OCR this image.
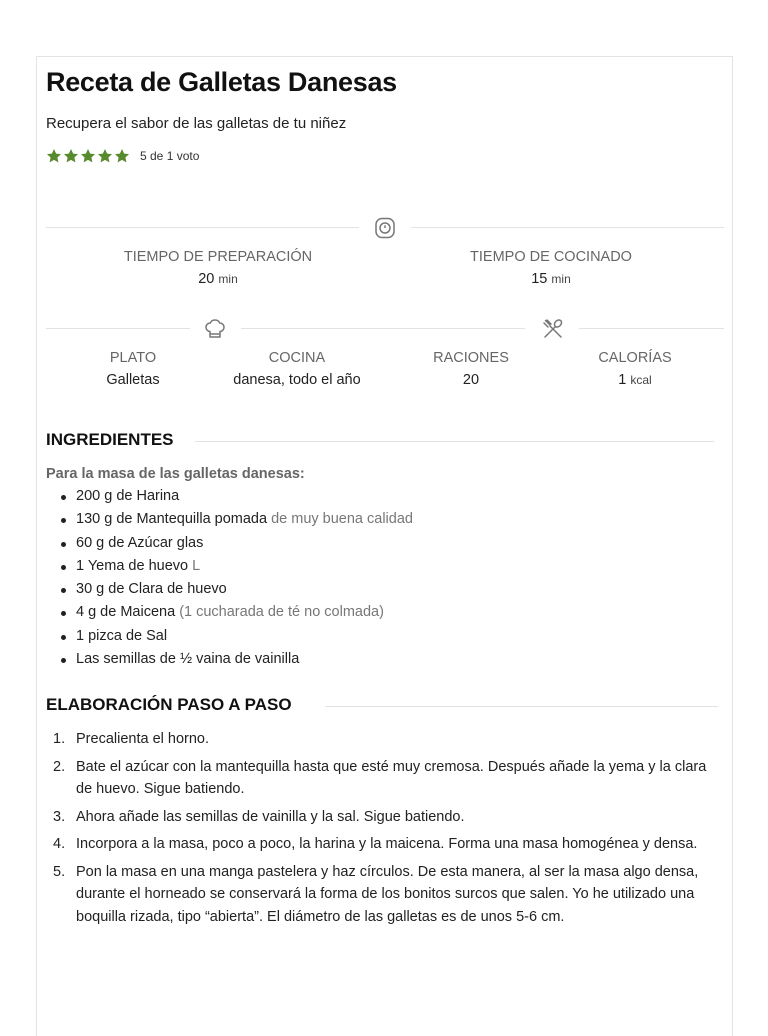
Receta de Galletas Danesas
Recupera el sabor de las galletas de tu niñez
5 de 1 voto
TIEMPO DE PREPARACIÓN
20 min
TIEMPO DE COCINADO
15 min
PLATO
Galletas
COCINA
danesa, todo el año
RACIONES
20
CALORÍAS
1 kcal
INGREDIENTES
Para la masa de las galletas danesas:
200 g de Harina
130 g de Mantequilla pomada de muy buena calidad
60 g de Azúcar glas
1 Yema de huevo L
30 g de Clara de huevo
4 g de Maicena (1 cucharada de té no colmada)
1 pizca de Sal
Las semillas de ½ vaina de vainilla
ELABORACIÓN PASO A PASO
1. Precalienta el horno.
2. Bate el azúcar con la mantequilla hasta que esté muy cremosa. Después añade la yema y la clara de huevo. Sigue batiendo.
3. Ahora añade las semillas de vainilla y la sal. Sigue batiendo.
4. Incorpora a la masa, poco a poco, la harina y la maicena. Forma una masa homogénea y densa.
5. Pon la masa en una manga pastelera y haz círculos. De esta manera, al ser la masa algo densa, durante el horneado se conservará la forma de los bonitos surcos que salen. Yo he utilizado una boquilla rizada, tipo “abierta”. El diámetro de las galletas es de unos 5-6 cm.
